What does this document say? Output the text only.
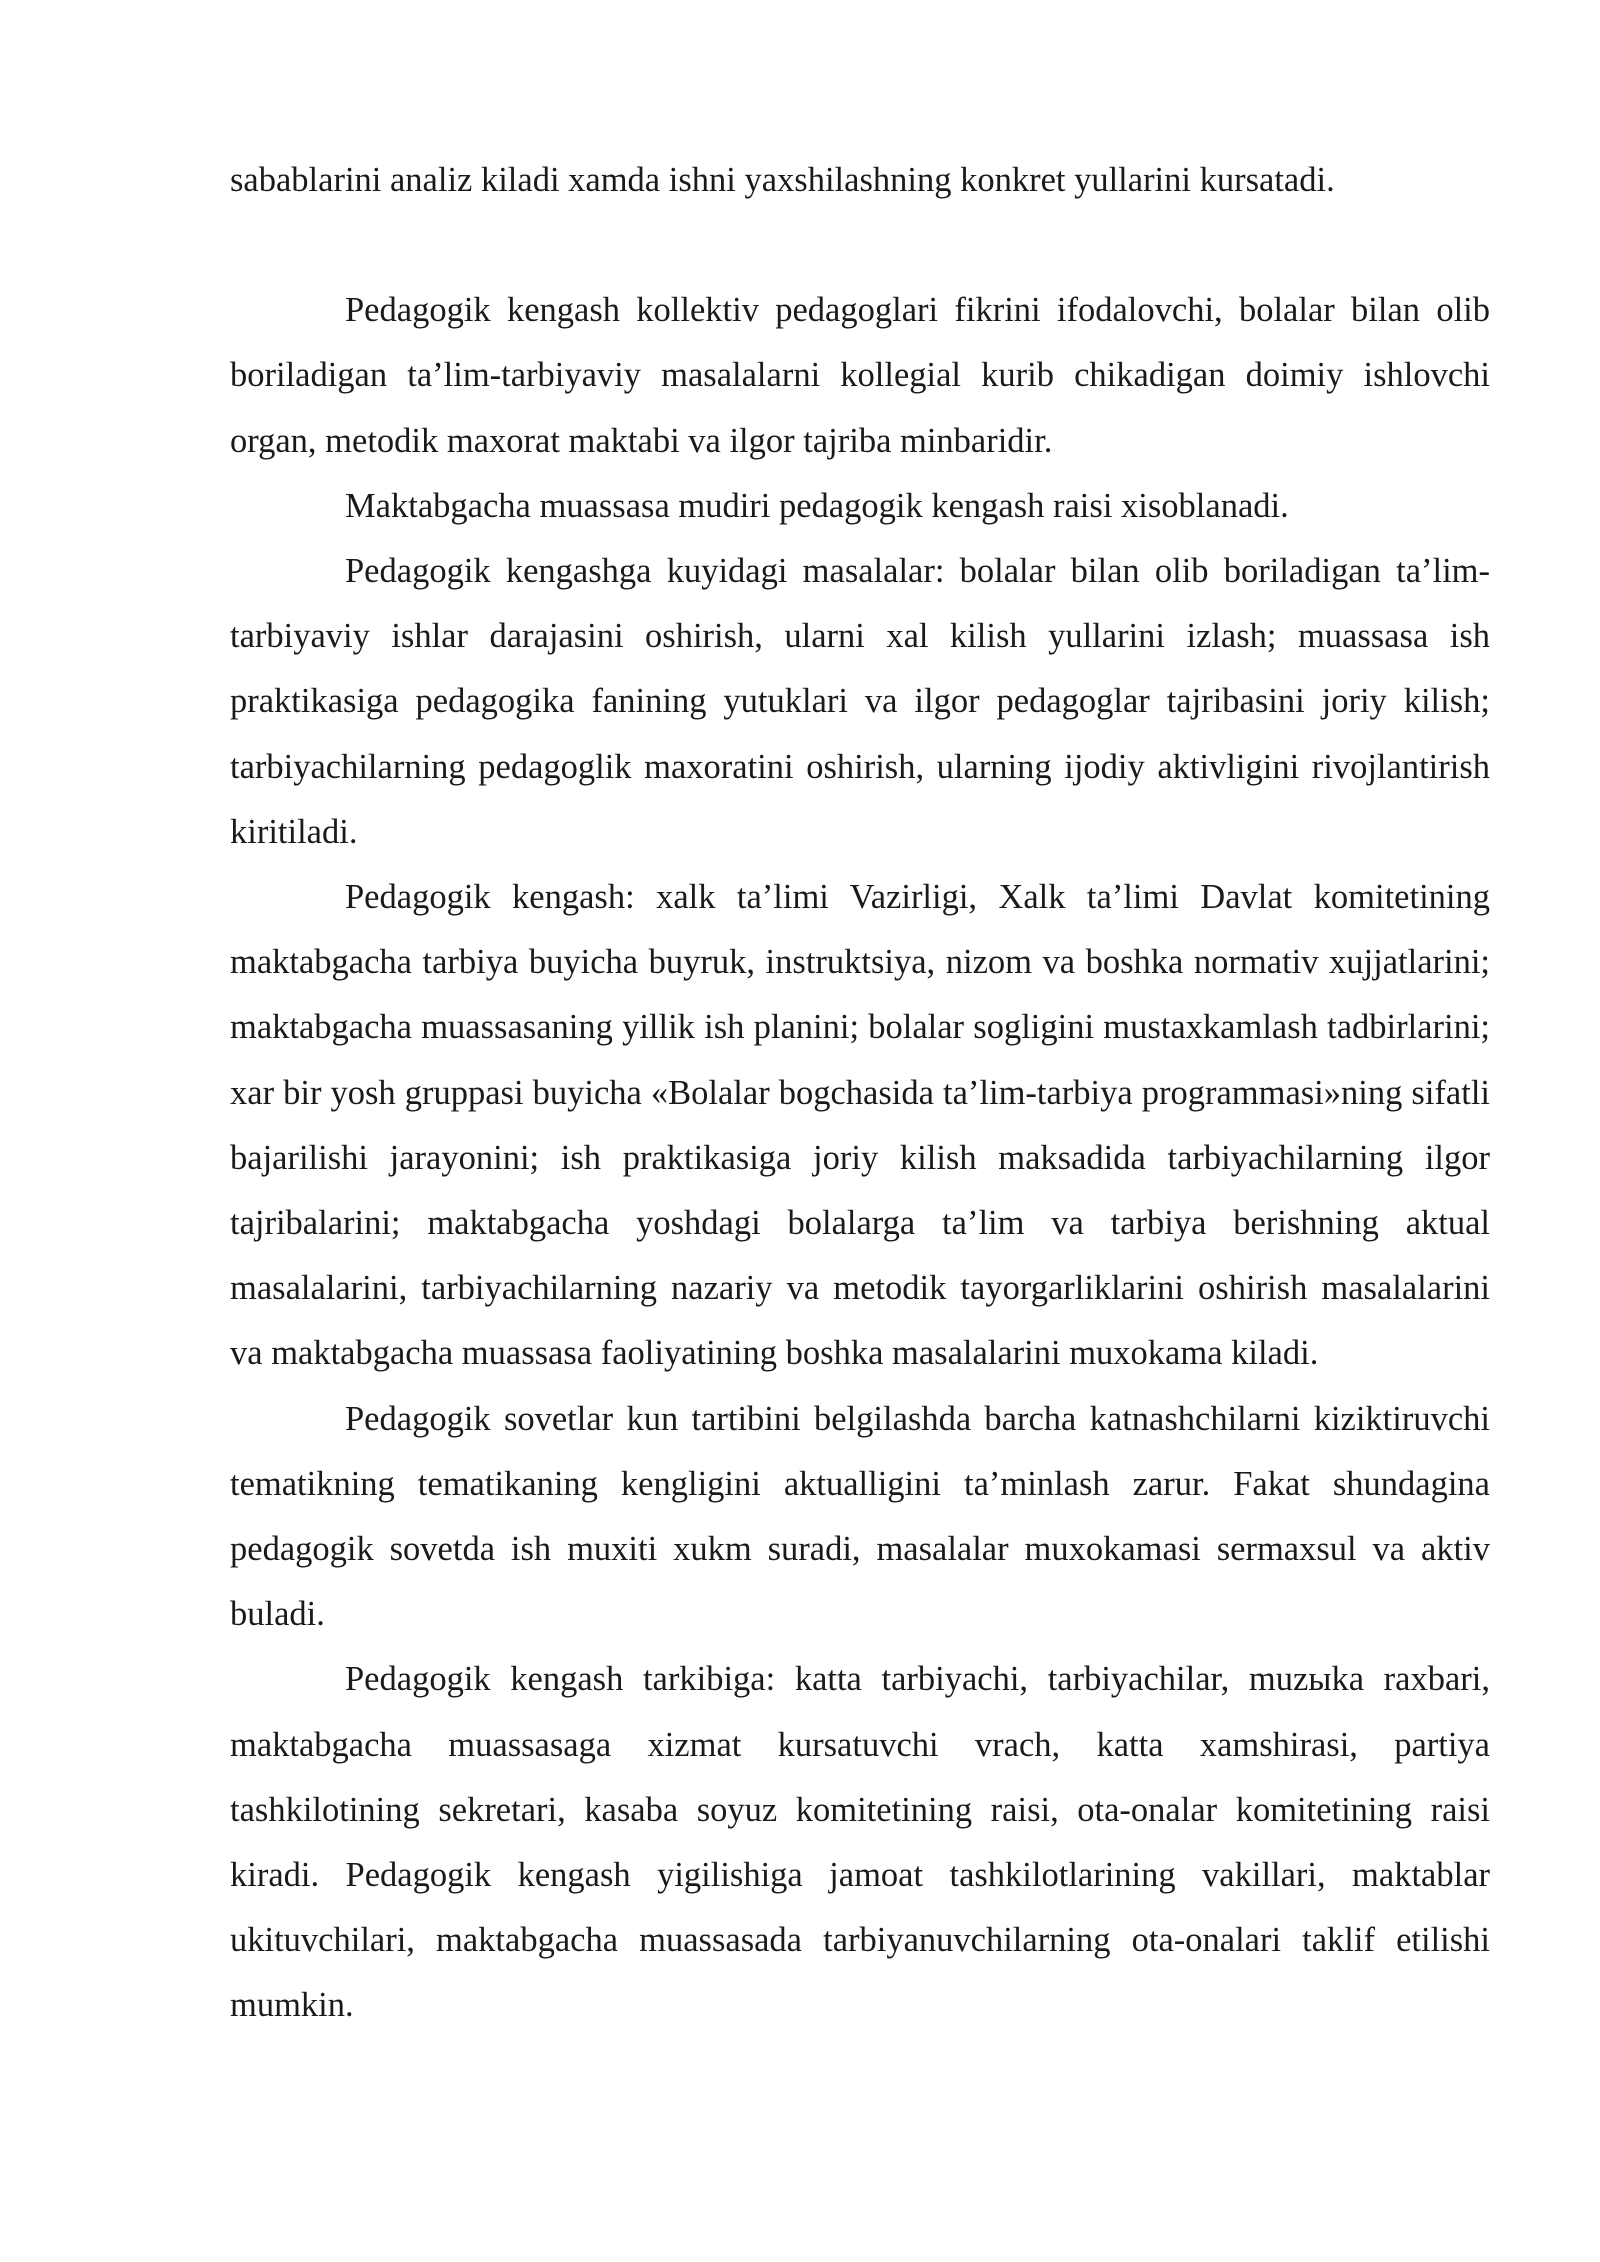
sabablarini analiz kiladi xamda ishni yaxshilashning konkret yullarini kursatadi.

Pedagogik kengash kollektiv pedagoglari fikrini ifodalovchi, bolalar bilan olib boriladigan ta’lim-tarbiyaviy masalalarni kollegial kurib chikadigan doimiy ishlovchi organ, metodik maxorat maktabi va ilgor tajriba minbaridir.

Maktabgacha muassasa mudiri pedagogik kengash raisi xisoblanadi.

Pedagogik kengashga kuyidagi masalalar: bolalar bilan olib boriladigan ta’lim-tarbiyaviy ishlar darajasini oshirish, ularni xal kilish yullarini izlash; muassasa ish praktikasiga pedagogika fanining yutuklari va ilgor pedagoglar tajribasini joriy kilish; tarbiyachilarning pedagoglik maxoratini oshirish, ularning ijodiy aktivligini rivojlantirish kiritiladi.

Pedagogik kengash: xalk ta’limi Vazirligi, Xalk ta’limi Davlat komitetining maktabgacha tarbiya buyicha buyruk, instruktsiya, nizom va boshka normativ xujjatlarini; maktabgacha muassasaning yillik ish planini; bolalar sogligini mustaxkamlash tadbirlarini; xar bir yosh gruppasi buyicha «Bolalar bogchasida ta’lim-tarbiya programmasi»ning sifatli bajarilishi jarayonini; ish praktikasiga joriy kilish maksadida tarbiyachilarning ilgor tajribalarini; maktabgacha yoshdagi bolalarga ta’lim va tarbiya berishning aktual masalalarini, tarbiyachilarning nazariy va metodik tayorgarliklarini oshirish masalalarini va maktabgacha muassasa faoliyatining boshka masalalarini muxokama kiladi.

Pedagogik sovetlar kun tartibini belgilashda barcha katnashchilarni kiziktiruvchi tematikning tematikaning kengligini aktualligini ta’minlash zarur. Fakat shundagina pedagogik sovetda ish muxiti xukm suradi, masalalar muxokamasi sermaxsul va aktiv buladi.

Pedagogik kengash tarkibiga: katta tarbiyachi, tarbiyachilar, muzыka raxbari, maktabgacha muassasaga xizmat kursatuvchi vrach, katta xamshirasi, partiya tashkilotining sekretari, kasaba soyuz komitetining raisi, ota-onalar komitetining raisi kiradi. Pedagogik kengash yigilishiga jamoat tashkilotlarining vakillari, maktablar ukituvchilari, maktabgacha muassasada tarbiyanuvchilarning ota-onalari taklif etilishi mumkin.
